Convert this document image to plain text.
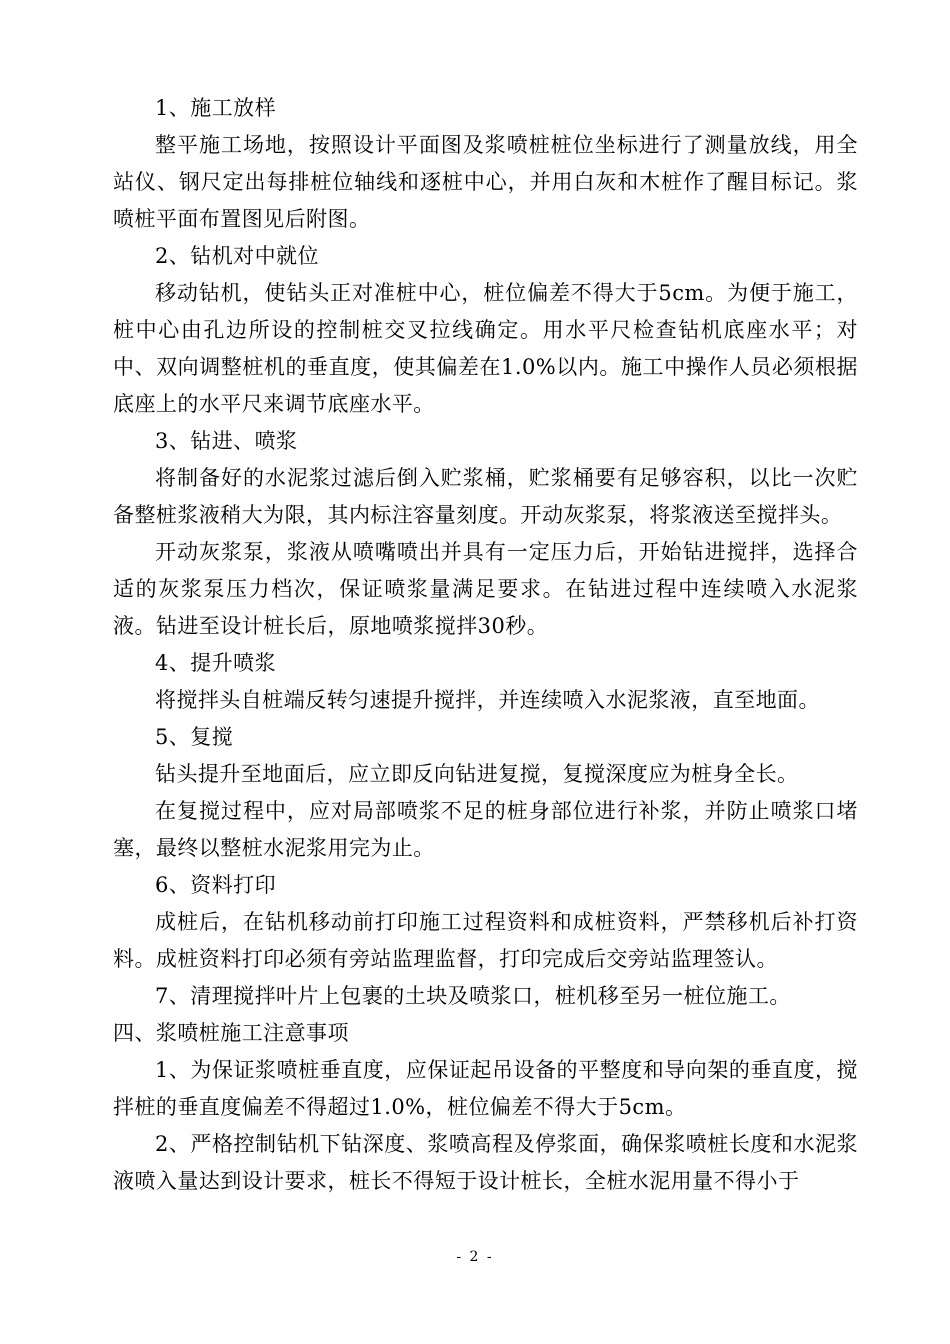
1、施工放样

整平施工场地，按照设计平面图及浆喷桩桩位坐标进行了测量放线，用全站仪、钢尺定出每排桩位轴线和逐桩中心，并用白灰和木桩作了醒目标记。浆喷桩平面布置图见后附图。

2、钻机对中就位

移动钻机，使钻头正对准桩中心，桩位偏差不得大于5cm。为便于施工，桩中心由孔边所设的控制桩交叉拉线确定。用水平尺检查钻机底座水平；对中、双向调整桩机的垂直度，使其偏差在1.0%以内。施工中操作人员必须根据底座上的水平尺来调节底座水平。

3、钻进、喷浆

将制备好的水泥浆过滤后倒入贮浆桶，贮浆桶要有足够容积，以比一次贮备整桩浆液稍大为限，其内标注容量刻度。开动灰浆泵，将浆液送至搅拌头。

开动灰浆泵，浆液从喷嘴喷出并具有一定压力后，开始钻进搅拌，选择合适的灰浆泵压力档次，保证喷浆量满足要求。在钻进过程中连续喷入水泥浆液。钻进至设计桩长后，原地喷浆搅拌30秒。

4、提升喷浆

将搅拌头自桩端反转匀速提升搅拌，并连续喷入水泥浆液，直至地面。

5、复搅

钻头提升至地面后，应立即反向钻进复搅，复搅深度应为桩身全长。

在复搅过程中，应对局部喷浆不足的桩身部位进行补浆，并防止喷浆口堵塞，最终以整桩水泥浆用完为止。

6、资料打印

成桩后，在钻机移动前打印施工过程资料和成桩资料，严禁移机后补打资料。成桩资料打印必须有旁站监理监督，打印完成后交旁站监理签认。

7、清理搅拌叶片上包裹的土块及喷浆口，桩机移至另一桩位施工。

四、浆喷桩施工注意事项

1、为保证浆喷桩垂直度，应保证起吊设备的平整度和导向架的垂直度，搅拌桩的垂直度偏差不得超过1.0%，桩位偏差不得大于5cm。

2、严格控制钻机下钻深度、浆喷高程及停浆面，确保浆喷桩长度和水泥浆液喷入量达到设计要求，桩长不得短于设计桩长，全桩水泥用量不得小于

- 2 -
